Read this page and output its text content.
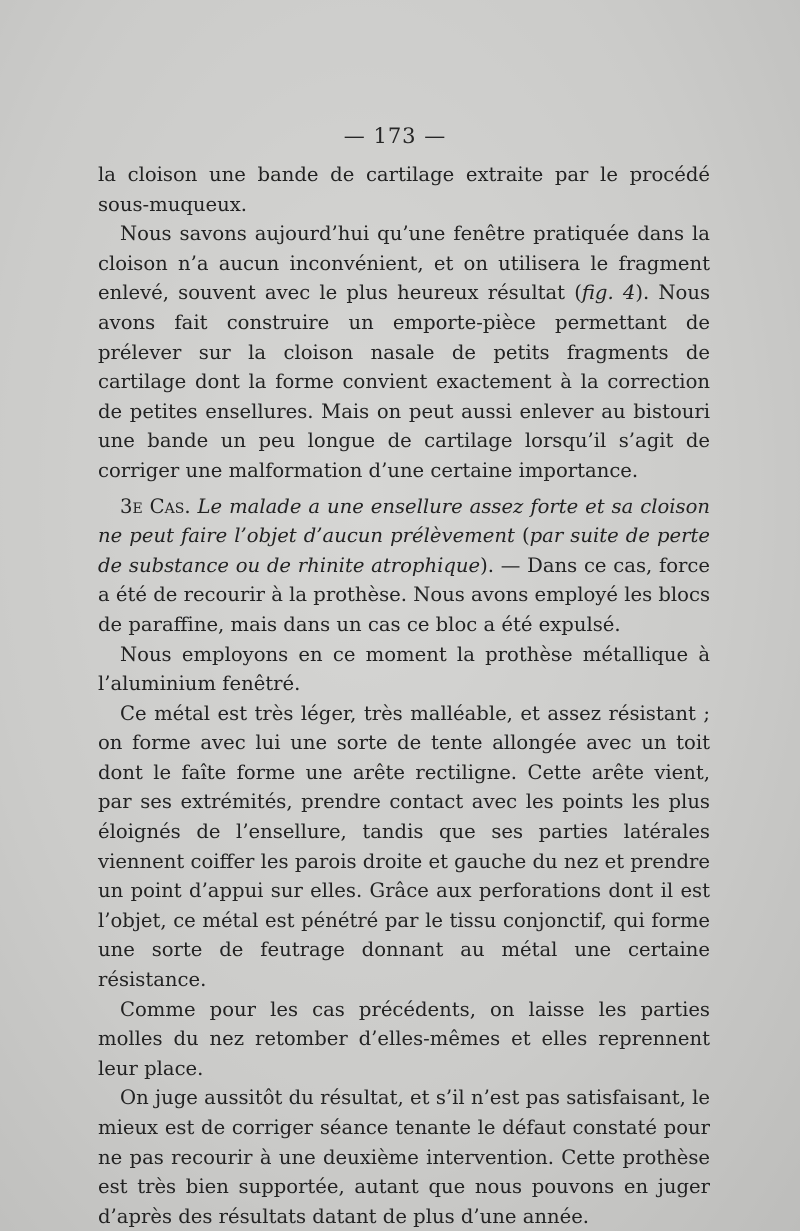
— 173 —

la cloison une bande de cartilage extraite par le procédé sous-muqueux.

Nous savons aujourd’hui qu’une fenêtre pratiquée dans la cloison n’a aucun inconvénient, et on utilisera le fragment enlevé, souvent avec le plus heureux résultat (fig. 4). Nous avons fait construire un emporte-pièce permettant de prélever sur la cloison nasale de petits fragments de cartilage dont la forme convient exactement à la correction de petites ensellures. Mais on peut aussi enlever au bistouri une bande un peu longue de cartilage lorsqu’il s’agit de corriger une malformation d’une certaine importance.

3e Cas. Le malade a une ensellure assez forte et sa cloison ne peut faire l’objet d’aucun prélèvement (par suite de perte de substance ou de rhinite atrophique). — Dans ce cas, force a été de recourir à la prothèse. Nous avons employé les blocs de paraffine, mais dans un cas ce bloc a été expulsé.

Nous employons en ce moment la prothèse métallique à l’aluminium fenêtré.

Ce métal est très léger, très malléable, et assez résistant ; on forme avec lui une sorte de tente allongée avec un toit dont le faîte forme une arête rectiligne. Cette arête vient, par ses extrémités, prendre contact avec les points les plus éloignés de l’ensellure, tandis que ses parties latérales viennent coiffer les parois droite et gauche du nez et prendre un point d’appui sur elles. Grâce aux perforations dont il est l’objet, ce métal est pénétré par le tissu conjonctif, qui forme une sorte de feutrage donnant au métal une certaine résistance.

Comme pour les cas précédents, on laisse les parties molles du nez retomber d’elles-mêmes et elles reprennent leur place.

On juge aussitôt du résultat, et s’il n’est pas satisfaisant, le mieux est de corriger séance tenante le défaut constaté pour ne pas recourir à une deuxième intervention. Cette prothèse est très bien supportée, autant que nous pouvons en juger d’après des résultats datant de plus d’une année.
